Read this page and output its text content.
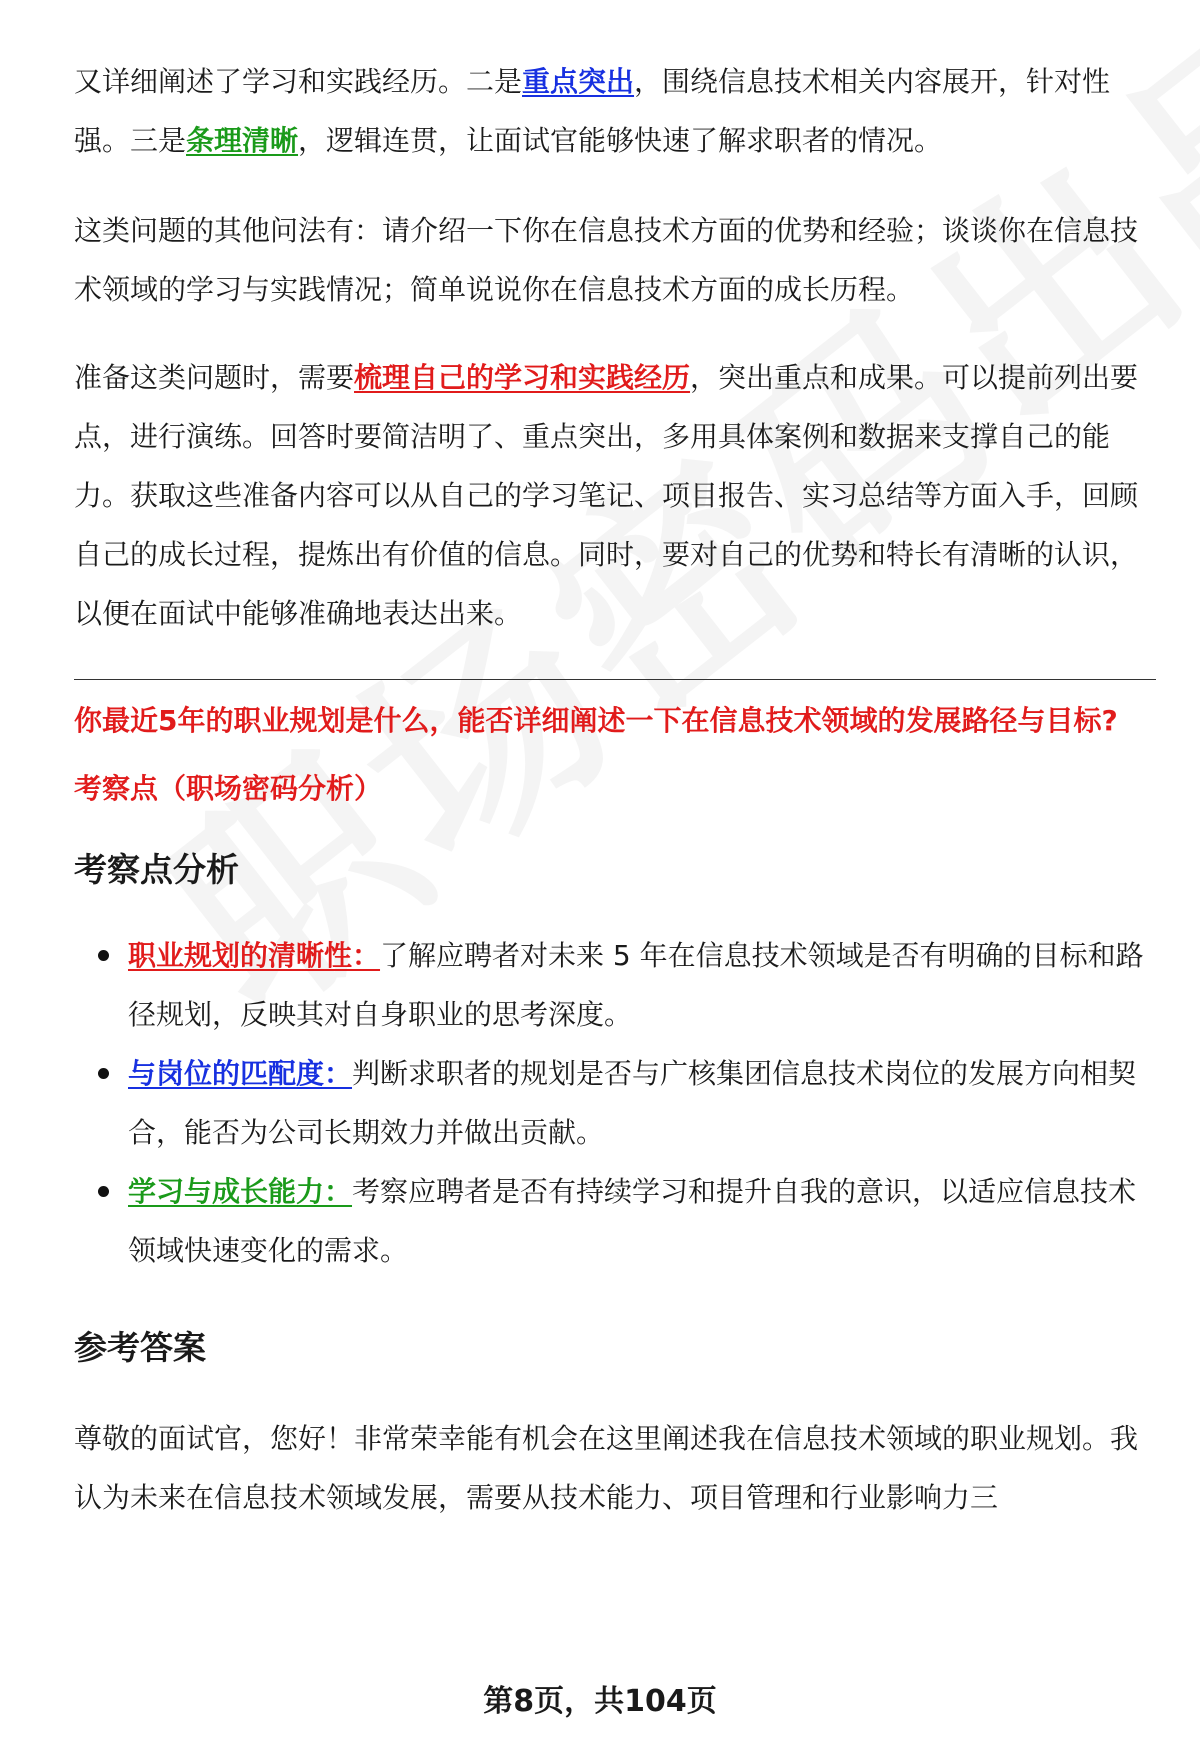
又详细阐述了学习和实践经历。二是重点突出，围绕信息技术相关内容展开，针对性强。三是条理清晰，逻辑连贯，让面试官能够快速了解求职者的情况。

这类问题的其他问法有：请介绍一下你在信息技术方面的优势和经验；谈谈你在信息技术领域的学习与实践情况；简单说说你在信息技术方面的成长历程。

准备这类问题时，需要梳理自己的学习和实践经历，突出重点和成果。可以提前列出要点，进行演练。回答时要简洁明了、重点突出，多用具体案例和数据来支撑自己的能力。获取这些准备内容可以从自己的学习笔记、项目报告、实习总结等方面入手，回顾自己的成长过程，提炼出有价值的信息。同时，要对自己的优势和特长有清晰的认识，以便在面试中能够准确地表达出来。

你最近5年的职业规划是什么，能否详细阐述一下在信息技术领域的发展路径与目标?
考察点（职场密码分析）
考察点分析
职业规划的清晰性：了解应聘者对未来 5 年在信息技术领域是否有明确的目标和路径规划，反映其对自身职业的思考深度。
与岗位的匹配度：判断求职者的规划是否与广核集团信息技术岗位的发展方向相契合，能否为公司长期效力并做出贡献。
学习与成长能力：考察应聘者是否有持续学习和提升自我的意识，以适应信息技术领域快速变化的需求。
参考答案

尊敬的面试官，您好！非常荣幸能有机会在这里阐述我在信息技术领域的职业规划。我认为未来在信息技术领域发展，需要从技术能力、项目管理和行业影响力三

第8页，共104页
